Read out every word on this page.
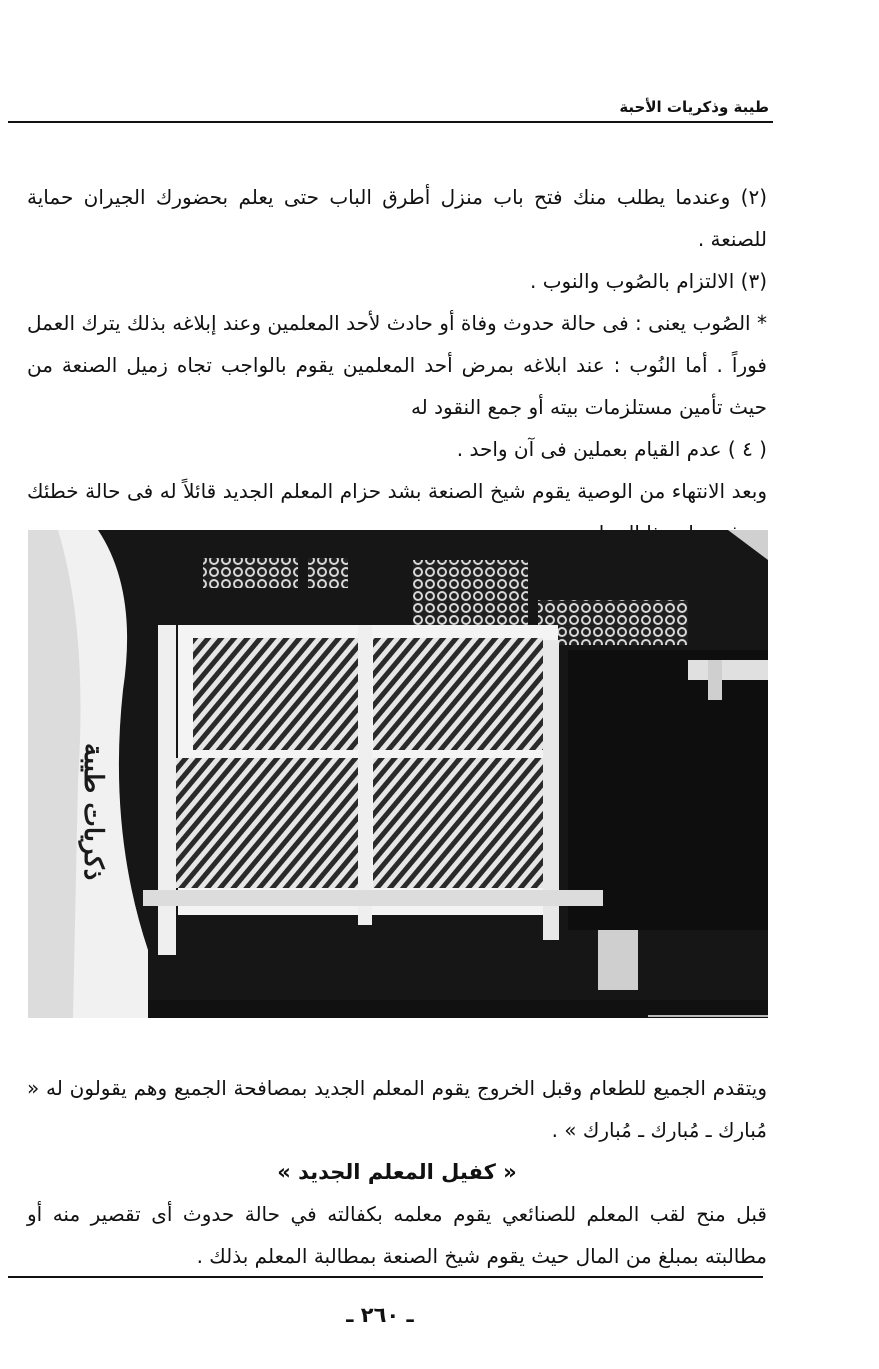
طيبة وذكريات الأحبة

(٢) وعندما يطلب منك فتح باب منزل أطرق الباب حتى يعلم بحضورك الجيران حماية للصنعة .

(٣) الالتزام بالصُوب والنوب .

* الصُوب يعنى : فى حالة حدوث وفاة أو حادث لأحد المعلمين وعند إبلاغه بذلك يترك العمل فوراً . أما النُوب : عند ابلاغه بمرض أحد المعلمين يقوم بالواجب تجاه زميل الصنعة من حيث تأمين مستلزمات بيته أو جمع النقود له

( ٤ ) عدم القيام بعملين فى آن واحد .

وبعد الانتهاء من الوصية يقوم شيخ الصنعة بشد حزام المعلم الجديد قائلاً له فى حالة خطئك

ذكريات طيبة

ويتقدم الجميع للطعام وقبل الخروج يقوم المعلم الجديد بمصافحة الجميع وهم يقولون له « مُبارك ـ مُبارك ـ مُبارك » .

« كفيل المعلم الجديد »

قبل منح لقب المعلم للصنائعي يقوم معلمه بكفالته في حالة حدوث أى تقصير منه أو مطالبته بمبلغ من المال حيث يقوم شيخ الصنعة بمطالبة المعلم بذلك .

ـ ٢٦٠ ـ
